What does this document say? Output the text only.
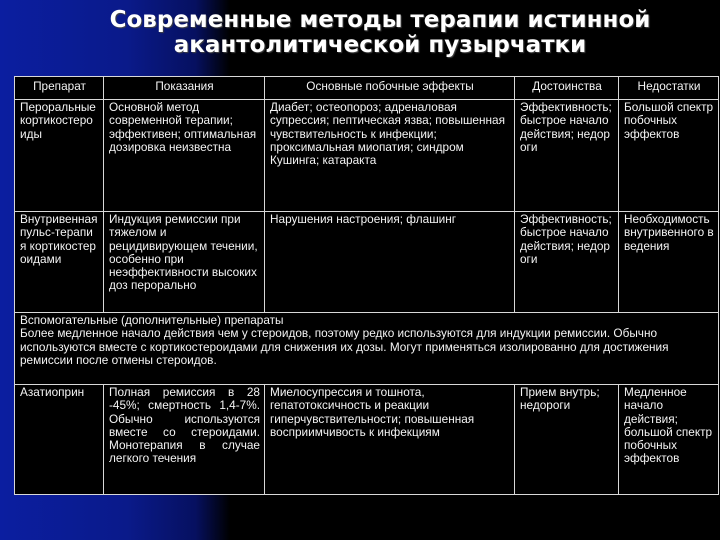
Современные методы терапии истинной
акантолитической пузырчатки
Препарат	Показания	Основные побочные эффекты	Достоинства	Недостатки
Пероральные кортикостероиды	Основной метод современной терапии; эффективен; оптимальная дозировка неизвестна	Диабет; остеопороз; адреналовая супрессия; пептическая язва; повышенная чувствительность к инфекции; проксимальная миопатия; синдром Кушинга; катаракта	Эффективность; быстрое начало действия; недороги	Большой спектр побочных эффектов
Внутривенная пульс-терапия кортикостероидами	Индукция ремиссии при тяжелом и рецидивирующем течении, особенно при неэффективности высоких доз перорально	Нарушения настроения; флашинг	Эффективность; быстрое начало действия; недороги	Необходимость внутривенного введения

Вспомогательные (дополнительные) препараты
Более медленное начало действия чем у стероидов, поэтому редко используются для индукции ремиссии. Обычно используются вместе с кортикостероидами для снижения их дозы. Могут применяться изолированно для достижения ремиссии после отмены стероидов.				

Азатиоприн	Полная ремиссия в 28 -45%; смертность 1,4-7%. Обычно используются вместе со стероидами. Монотерапия в случае легкого течения	Миелосупрессия и тошнота, гепатотоксичность и реакции гиперчувствительности; повышенная восприимчивость к инфекциям	Прием внутрь; недороги	Медленное начало действия; большой спектр побочных эффектов
